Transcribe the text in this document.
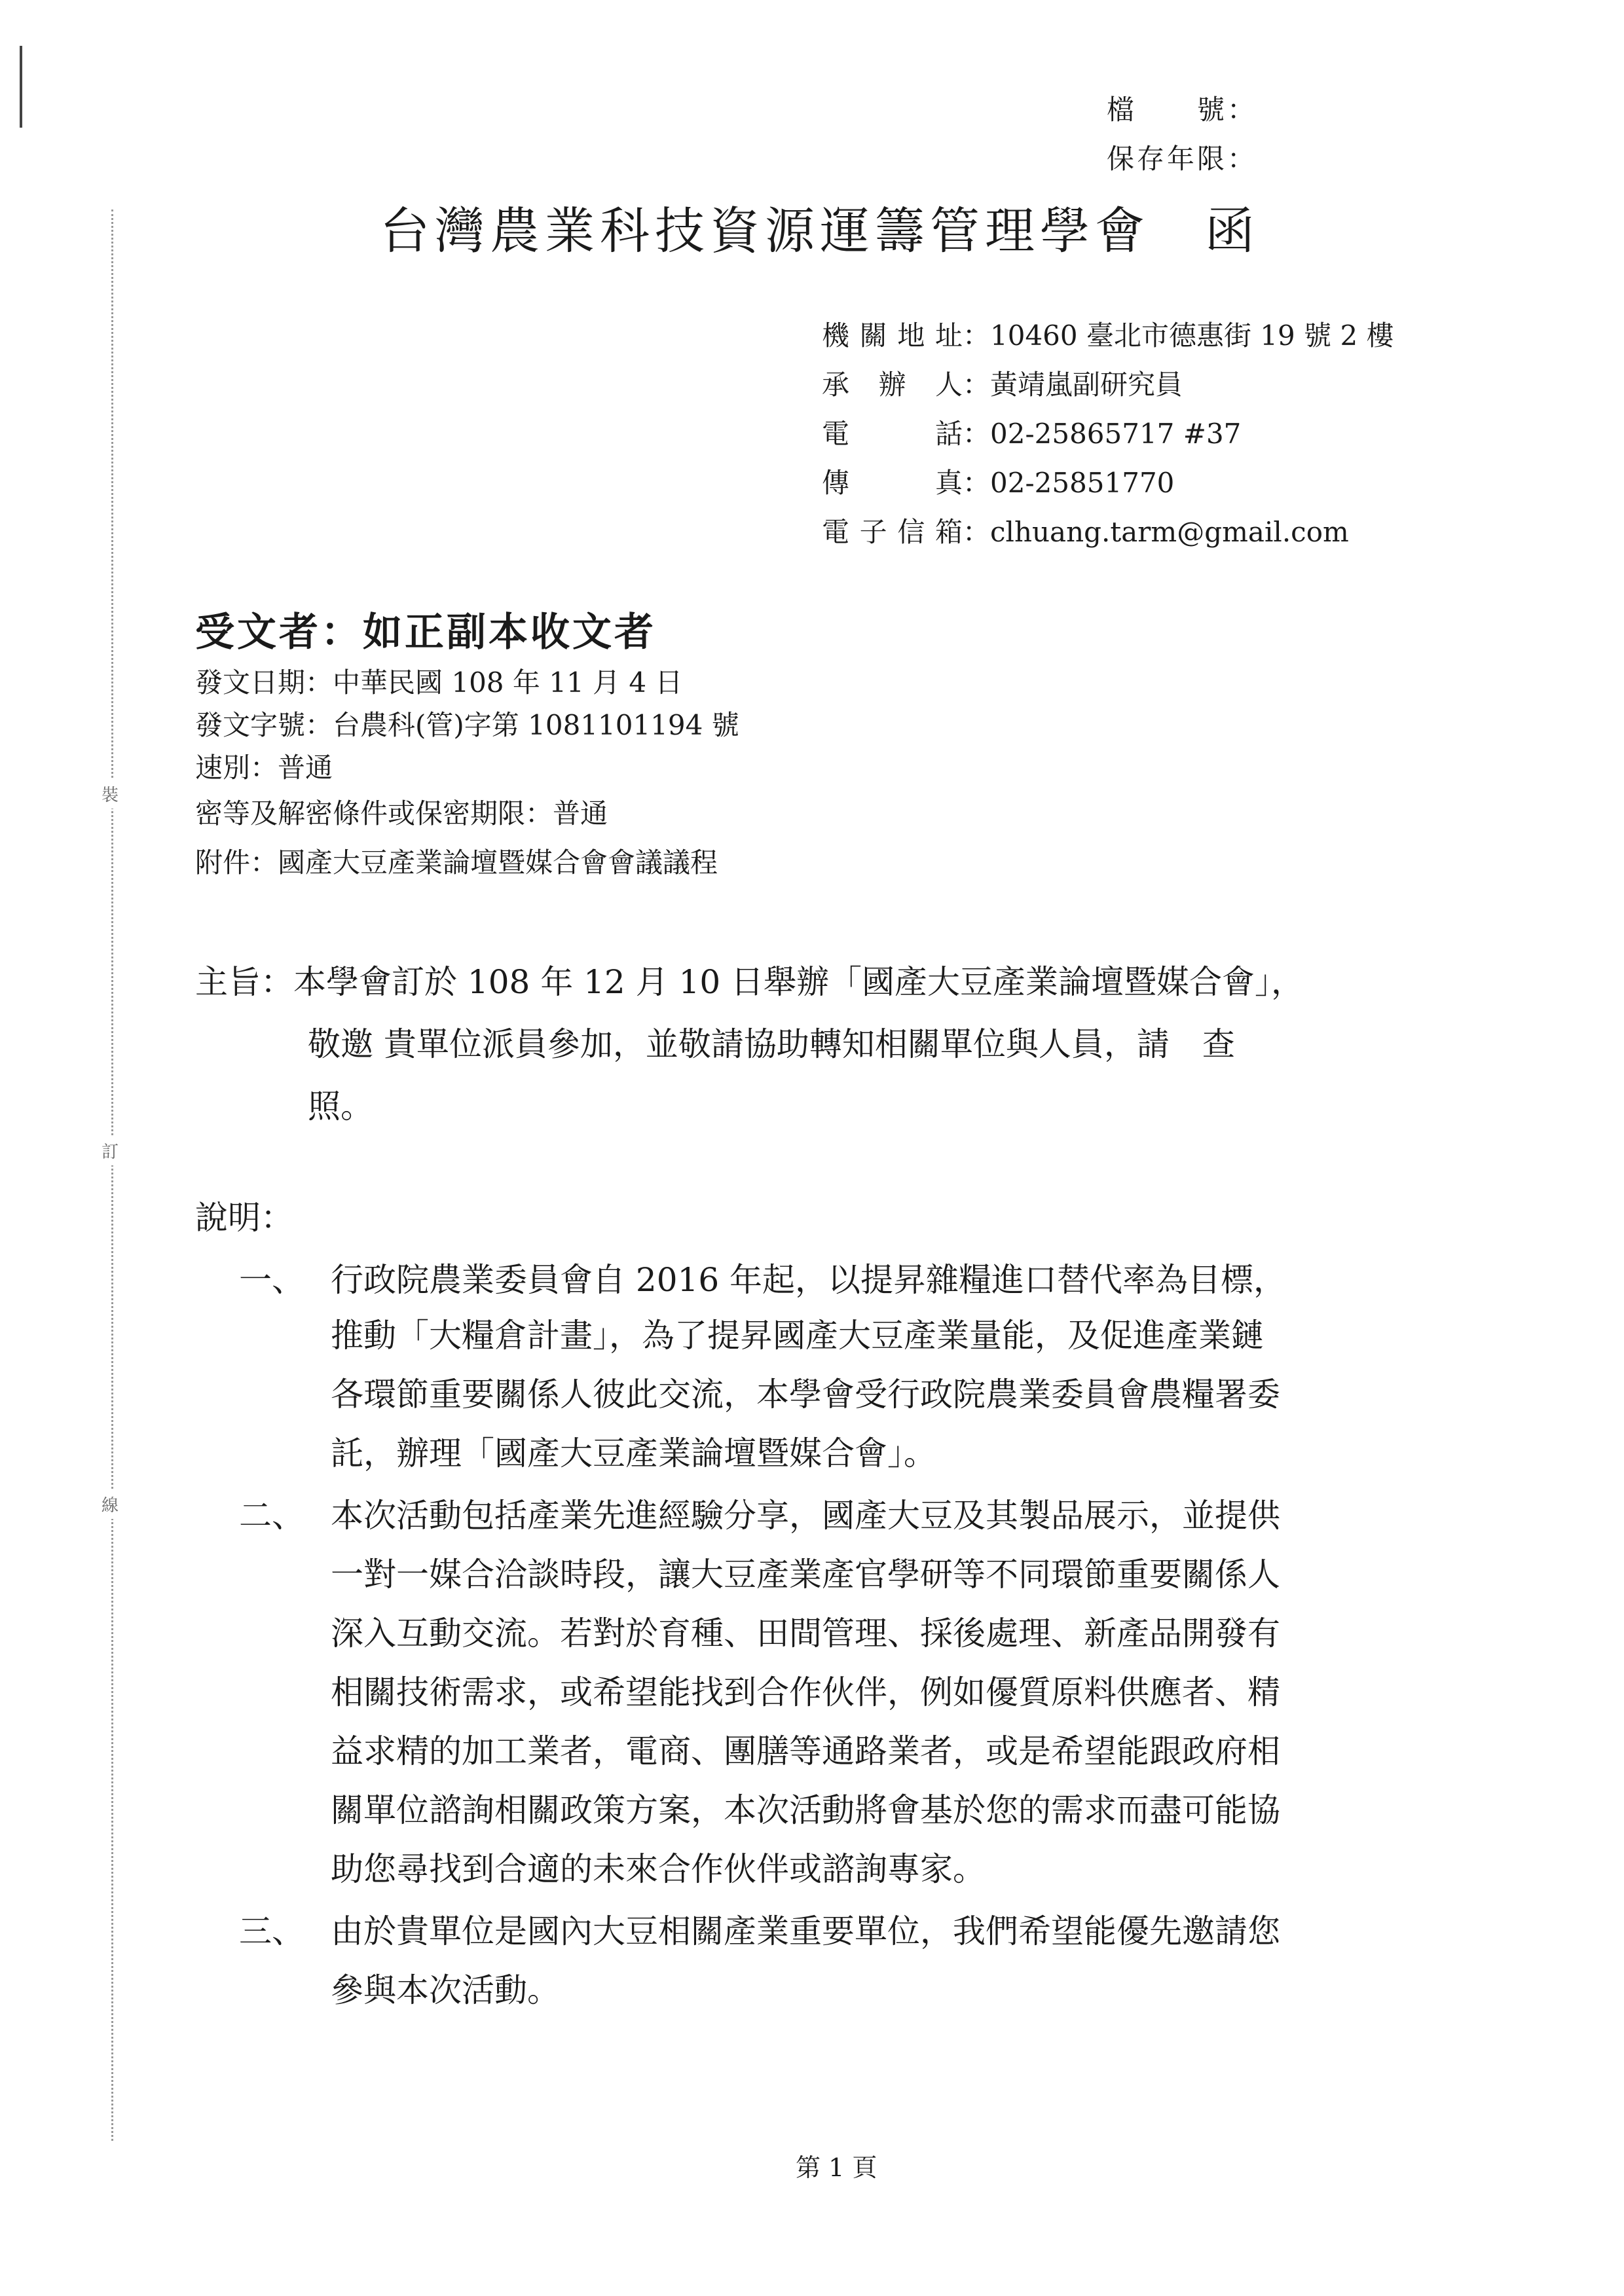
裝
訂
線
檔　　號：
保存年限：
台灣農業科技資源運籌管理學會　函
機關地址：10460 臺北市德惠街 19 號 2 樓
承辦人：黃靖嵐副研究員
電話：02-25865717 #37
傳真：02-25851770
電子信箱：clhuang.tarm@gmail.com
受文者：如正副本收文者
發文日期：中華民國 108 年 11 月 4 日
發文字號：台農科(管)字第 1081101194 號
速別：普通
密等及解密條件或保密期限：普通
附件：國產大豆產業論壇暨媒合會會議議程
主旨： 本學會訂於 108 年 12 月 10 日舉辦「國產大豆產業論壇暨媒合會」，
敬邀 貴單位派員參加，並敬請協助轉知相關單位與人員，請　查
照。
說明：
一、 行政院農業委員會自 2016 年起，以提昇雜糧進口替代率為目標，
推動「大糧倉計畫」，為了提昇國產大豆產業量能，及促進產業鏈
各環節重要關係人彼此交流，本學會受行政院農業委員會農糧署委
託，辦理「國產大豆產業論壇暨媒合會」。
二、 本次活動包括產業先進經驗分享，國產大豆及其製品展示，並提供
一對一媒合洽談時段，讓大豆產業產官學研等不同環節重要關係人
深入互動交流。若對於育種、田間管理、採後處理、新產品開發有
相關技術需求，或希望能找到合作伙伴，例如優質原料供應者、精
益求精的加工業者，電商、團膳等通路業者，或是希望能跟政府相
關單位諮詢相關政策方案，本次活動將會基於您的需求而盡可能協
助您尋找到合適的未來合作伙伴或諮詢專家。
三、 由於貴單位是國內大豆相關產業重要單位，我們希望能優先邀請您
參與本次活動。
第 1 頁
